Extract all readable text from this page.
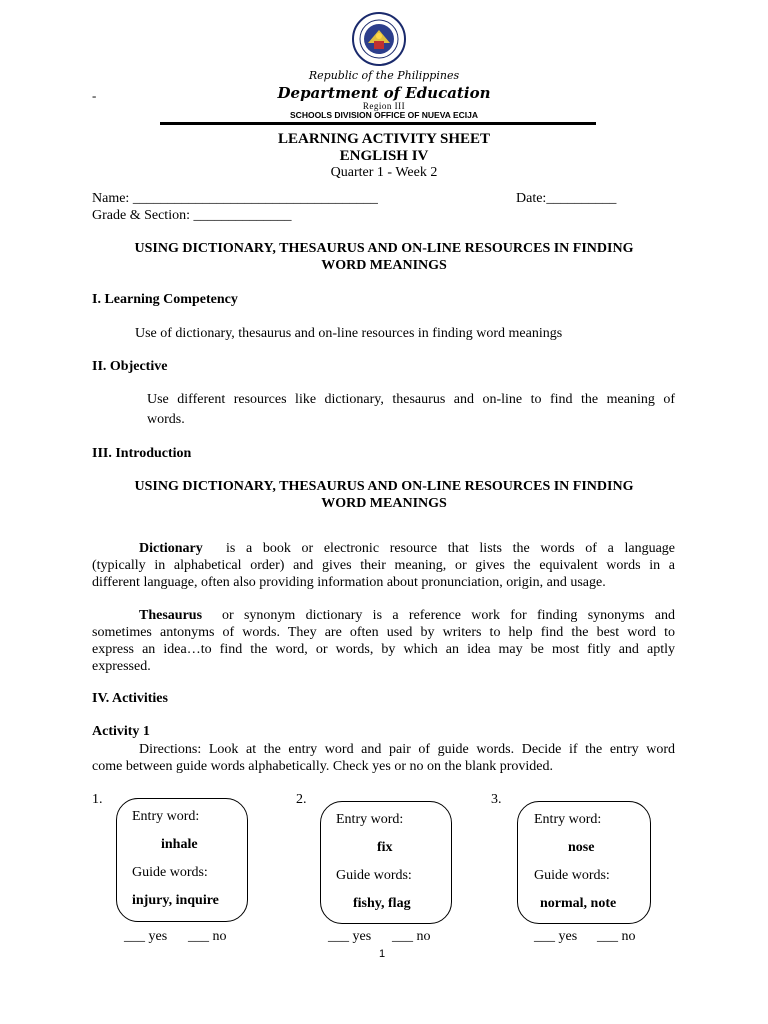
-
Republic of the Philippines
Department of Education
Region III
SCHOOLS DIVISION OFFICE OF NUEVA ECIJA
LEARNING ACTIVITY SHEET
ENGLISH IV
Quarter 1 - Week 2
Name: ___________________________________	Date:__________
Grade & Section: ______________
USING DICTIONARY, THESAURUS AND ON-LINE RESOURCES IN FINDING
WORD MEANINGS
I. Learning Competency
Use of dictionary, thesaurus and on-line resources in finding word meanings
II. Objective
Use different resources like dictionary, thesaurus and on-line to find the meaning of
words.
III. Introduction
USING DICTIONARY, THESAURUS AND ON-LINE RESOURCES IN FINDING
WORD MEANINGS
Dictionary is a book or electronic resource that lists the words of a language
(typically in alphabetical order) and gives their meaning, or gives the equivalent words in a
different language, often also providing information about pronunciation, origin, and usage.
Thesaurus or synonym dictionary is a reference work for finding synonyms and
sometimes antonyms of words. They are often used by writers to help find the best word to
express an idea…to find the word, or words, by which an idea may be most fitly and aptly
expressed.
IV. Activities
Activity 1
Directions: Look at the entry word and pair of guide words. Decide if the entry word
come between guide words alphabetically. Check yes or no on the blank provided.
1.
Entry word:
inhale
Guide words:
injury, inquire
___ yes ___ no
2.
Entry word:
fix
Guide words:
fishy, flag
___ yes ___ no
3.
Entry word:
nose
Guide words:
normal, note
___ yes ___ no
1
